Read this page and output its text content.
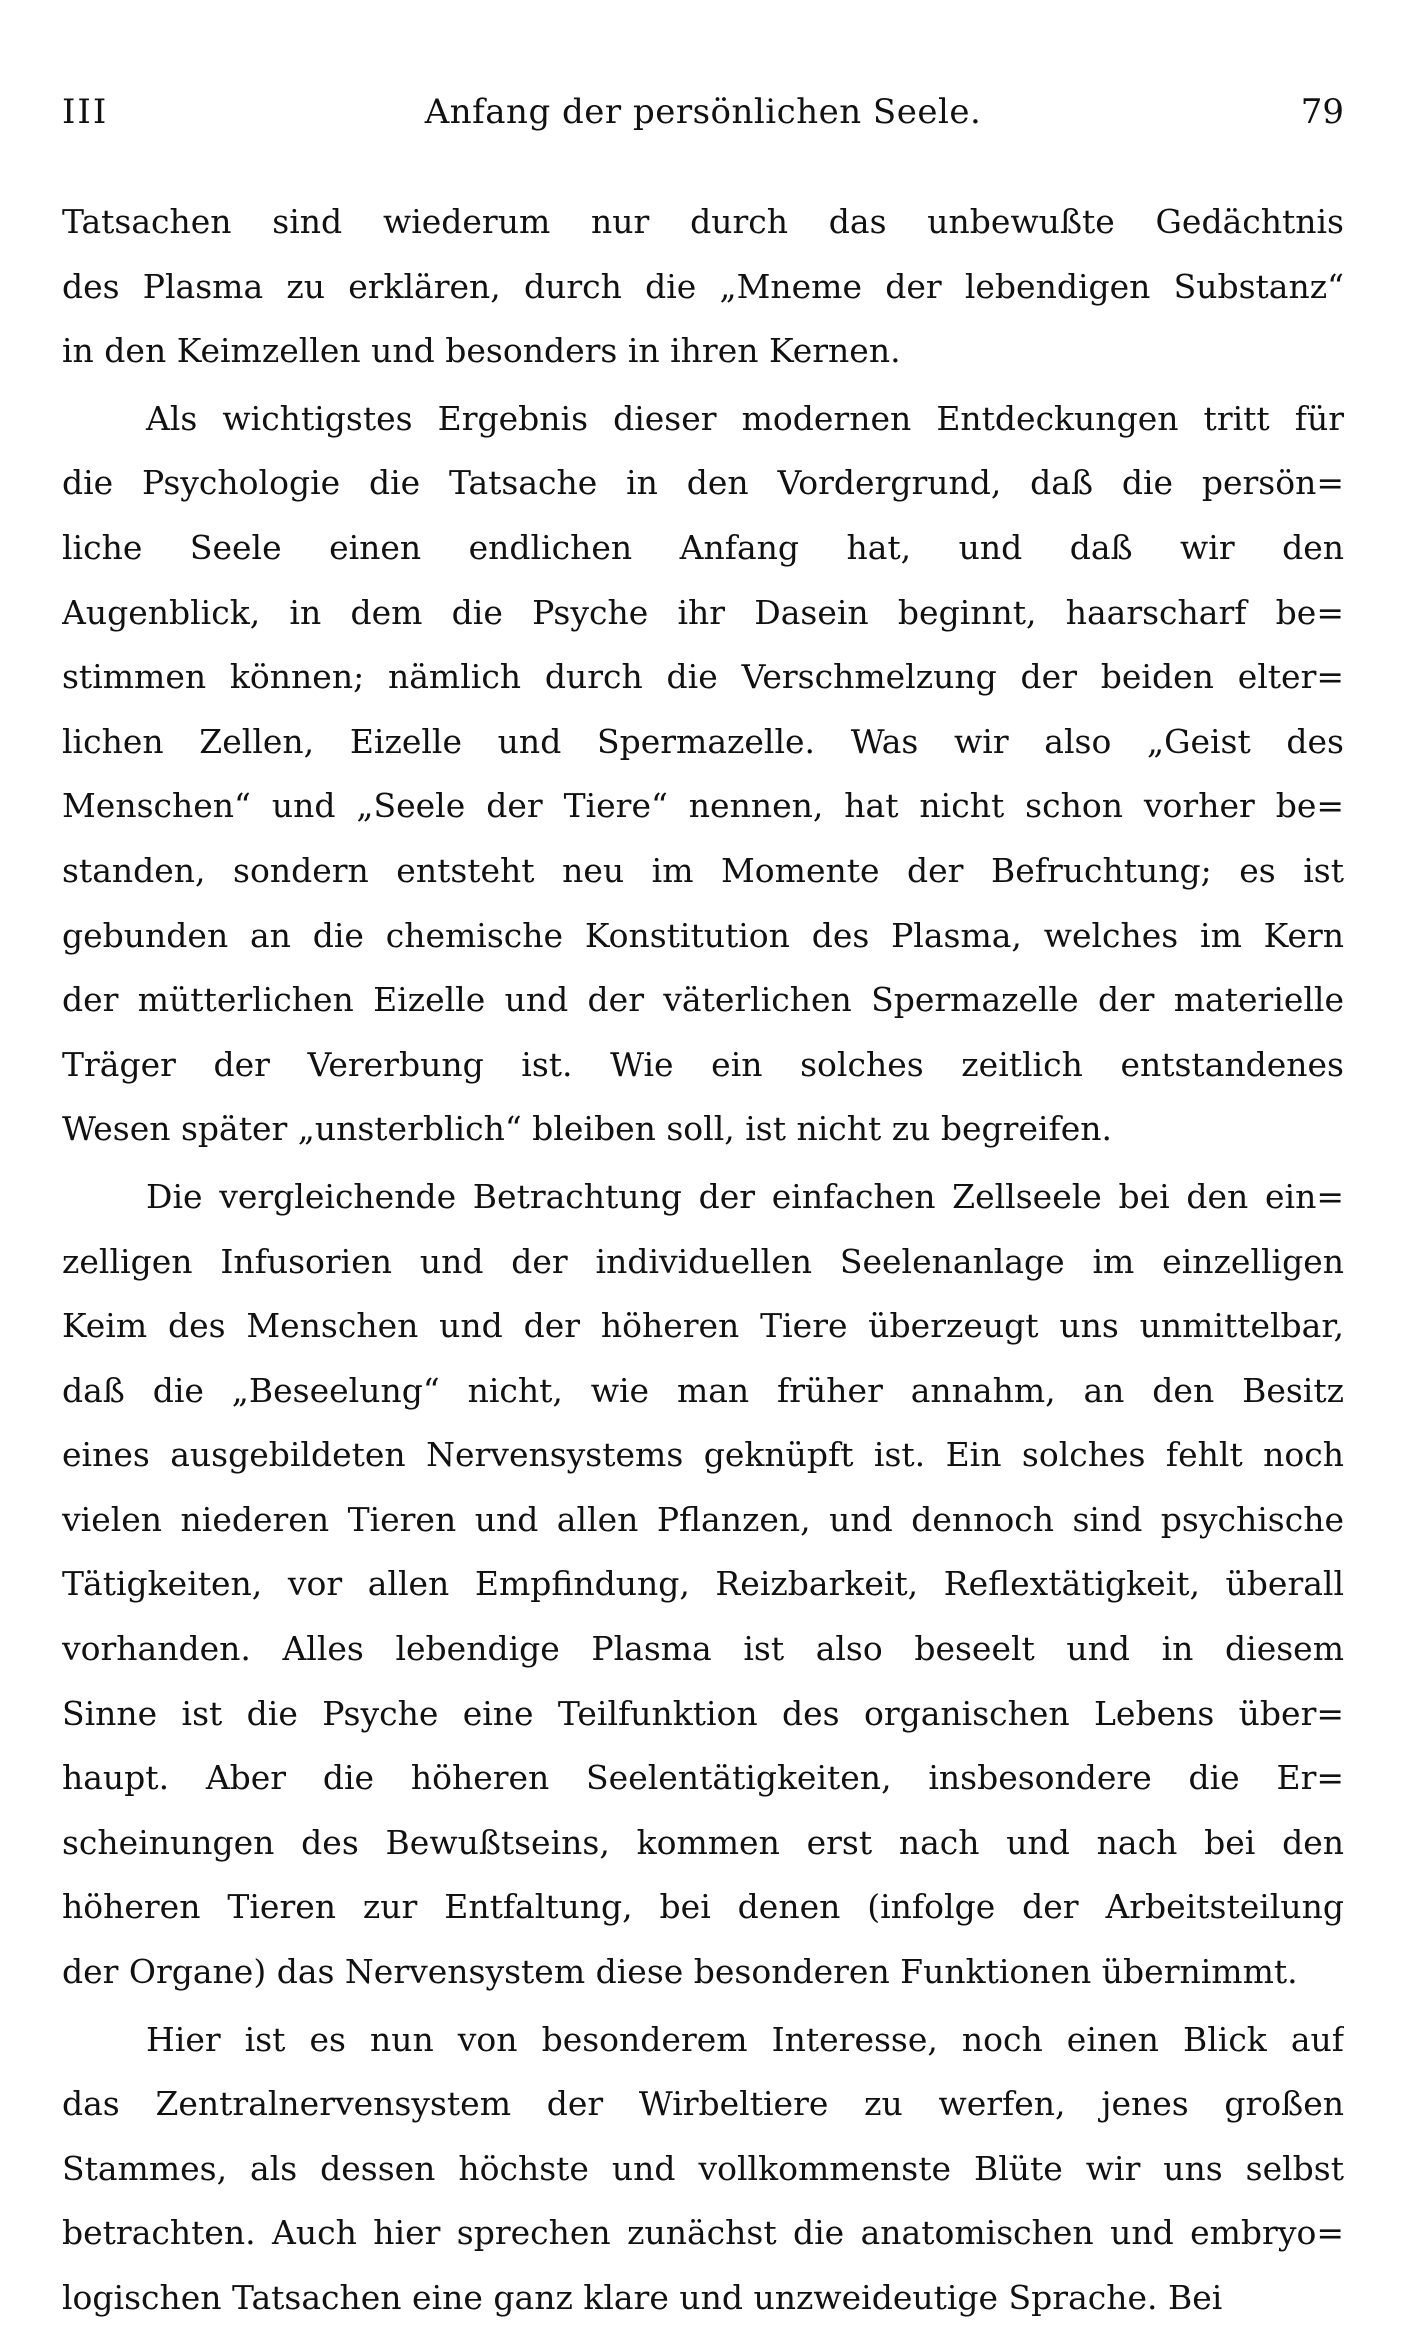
III	Anfang der persönlichen Seele.	79
Tatsachen sind wiederum nur durch das unbewußte Gedächtnis
des Plasma zu erklären, durch die „Mneme der lebendigen Substanz“
in den Keimzellen und besonders in ihren Kernen.
Als wichtigstes Ergebnis dieser modernen Entdeckungen tritt für
die Psychologie die Tatsache in den Vordergrund, daß die persön=
liche Seele einen endlichen Anfang hat, und daß wir den
Augenblick, in dem die Psyche ihr Dasein beginnt, haarscharf be=
stimmen können; nämlich durch die Verschmelzung der beiden elter=
lichen Zellen, Eizelle und Spermazelle. Was wir also „Geist des
Menschen“ und „Seele der Tiere“ nennen, hat nicht schon vorher be=
standen, sondern entsteht neu im Momente der Befruchtung; es ist
gebunden an die chemische Konstitution des Plasma, welches im Kern
der mütterlichen Eizelle und der väterlichen Spermazelle der materielle
Träger der Vererbung ist. Wie ein solches zeitlich entstandenes
Wesen später „unsterblich“ bleiben soll, ist nicht zu begreifen.
Die vergleichende Betrachtung der einfachen Zellseele bei den ein=
zelligen Infusorien und der individuellen Seelenanlage im einzelligen
Keim des Menschen und der höheren Tiere überzeugt uns unmittelbar,
daß die „Beseelung“ nicht, wie man früher annahm, an den Besitz
eines ausgebildeten Nervensystems geknüpft ist. Ein solches fehlt noch
vielen niederen Tieren und allen Pflanzen, und dennoch sind psychische
Tätigkeiten, vor allen Empfindung, Reizbarkeit, Reflextätigkeit, überall
vorhanden. Alles lebendige Plasma ist also beseelt und in diesem
Sinne ist die Psyche eine Teilfunktion des organischen Lebens über=
haupt. Aber die höheren Seelentätigkeiten, insbesondere die Er=
scheinungen des Bewußtseins, kommen erst nach und nach bei den
höheren Tieren zur Entfaltung, bei denen (infolge der Arbeitsteilung
der Organe) das Nervensystem diese besonderen Funktionen übernimmt.
Hier ist es nun von besonderem Interesse, noch einen Blick auf
das Zentralnervensystem der Wirbeltiere zu werfen, jenes großen
Stammes, als dessen höchste und vollkommenste Blüte wir uns selbst
betrachten. Auch hier sprechen zunächst die anatomischen und embryo=
logischen Tatsachen eine ganz klare und unzweideutige Sprache. Bei
